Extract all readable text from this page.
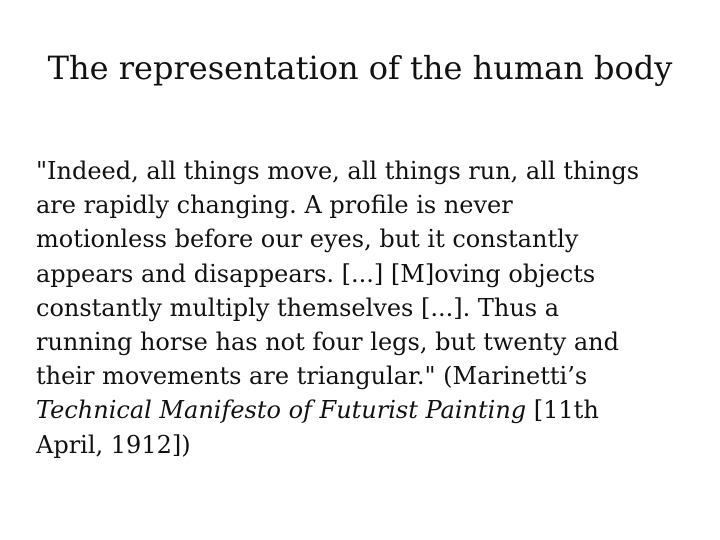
The representation of the human body
"Indeed, all things move, all things run, all things
are rapidly changing. A profile is never
motionless before our eyes, but it constantly
appears and disappears. [...] [M]oving objects
constantly multiply themselves [...]. Thus a
running horse has not four legs, but twenty and
their movements are triangular." (Marinetti’s
Technical Manifesto of Futurist Painting [11th
April, 1912])
